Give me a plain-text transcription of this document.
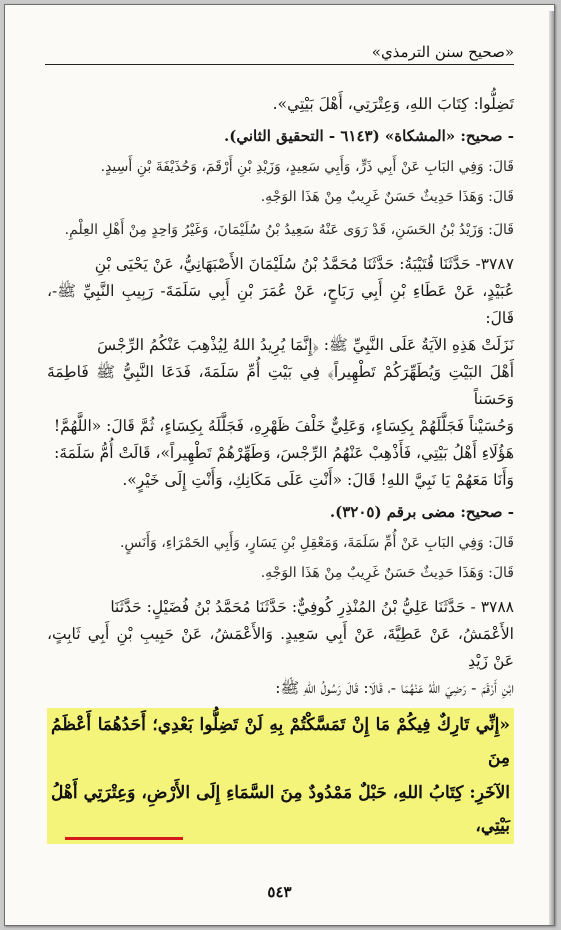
«صحيح سنن الترمذي»
تَضِلُّوا: كِتَابَ اللهِ، وَعِتْرَتِي، أَهْلَ بَيْتِي».
- صحيح: «المشكاة» (٦١٤٣ - التحقيق الثاني).
قَالَ: وَفِي البَابِ عَنْ أَبِي ذَرٍّ، وَأَبِي سَعِيدٍ، وَزَيْدِ بْنِ أَرْقَمَ، وَحُذَيْفَةَ بْنِ أَسِيدٍ.
قَالَ: وَهَذَا حَدِيثٌ حَسَنٌ غَرِيبٌ مِنْ هَذَا الوَجْهِ.
قَالَ: وَزَيْدُ بْنُ الحَسَنِ، قَدْ رَوَى عَنْهُ سَعِيدُ بْنُ سُلَيْمَانَ، وَغَيْرُ وَاحِدٍ مِنْ أَهْلِ العِلْمِ.
٣٧٨٧- حَدَّثَنَا قُتَيْبَةُ: حَدَّثَنَا مُحَمَّدُ بْنُ سُلَيْمَانَ الأَصْبَهَانِيُّ، عَنْ يَحْيَى بْنِ
عُبَيْدٍ، عَنْ عَطَاءِ بْنِ أَبِي رَبَاحٍ، عَنْ عُمَرَ بْنِ أَبِي سَلَمَةَ- رَبِيبِ النَّبِيِّ ﷺ-، قَالَ:
نَزَلَتْ هَذِهِ الآيَةُ عَلَى النَّبِيِّ ﷺ: ﴿إِنَّمَا يُرِيدُ اللهُ لِيُذْهِبَ عَنْكُمُ الرِّجْسَ
أَهْلَ البَيْتِ وَيُطَهِّرَكُمْ تَطْهِيراً﴾ فِي بَيْتِ أُمِّ سَلَمَةَ، فَدَعَا النَّبِيُّ ﷺ فَاطِمَةَ وَحَسَناً
وَحُسَيْناً فَجَلَّلَهُمْ بِكِسَاءٍ، وَعَلِيٌّ خَلْفَ ظَهْرِهِ، فَجَلَّلَهُ بِكِسَاءٍ، ثُمَّ قَالَ: «اللَّهُمَّ!
هَؤُلَاءِ أَهْلُ بَيْتِي، فَأَذْهِبْ عَنْهُمُ الرِّجْسَ، وَطَهِّرْهُمْ تَطْهِيراً»، قَالَتْ أُمُّ سَلَمَةَ:
وَأَنَا مَعَهُمْ يَا نَبِيَّ اللهِ! قَالَ: «أَنْتِ عَلَى مَكَانِكِ، وَأَنْتِ إِلَى خَيْرٍ».
- صحيح: مضى برقم (٣٢٠٥).
قَالَ: وَفِي البَابِ عَنْ أُمِّ سَلَمَةَ، وَمَعْقِلِ بْنِ يَسَارٍ، وَأَبِي الحَمْرَاءِ، وَأَنَسٍ.
قَالَ: وَهَذَا حَدِيثٌ حَسَنٌ غَرِيبٌ مِنْ هَذَا الوَجْهِ.
٣٧٨٨ - حَدَّثَنَا عَلِيُّ بْنُ المُنْذِرِ كُوفِيٌّ: حَدَّثَنَا مُحَمَّدُ بْنُ فُضَيْلٍ: حَدَّثَنَا
الأَعْمَشُ، عَنْ عَطِيَّةَ، عَنْ أَبِي سَعِيدٍ. وَالأَعْمَشُ، عَنْ حَبِيبِ بْنِ أَبِي ثَابِتٍ، عَنْ زَيْدِ
ابْنِ أَرْقَمَ - رَضِيَ اللهُ عَنْهُمَا -، قَالَا: قَالَ رَسُولُ اللهِ ﷺ:
«إِنِّي تَارِكٌ فِيكُمْ مَا إِنْ تَمَسَّكْتُمْ بِهِ لَنْ تَضِلُّوا بَعْدِي؛ أَحَدُهُمَا أَعْظَمُ مِنَ
الآخَرِ: كِتَابُ اللهِ، حَبْلٌ مَمْدُودٌ مِنَ السَّمَاءِ إِلَى الأَرْضِ، وَعِتْرَتِي أَهْلُ بَيْتِي،
٥٤٣
